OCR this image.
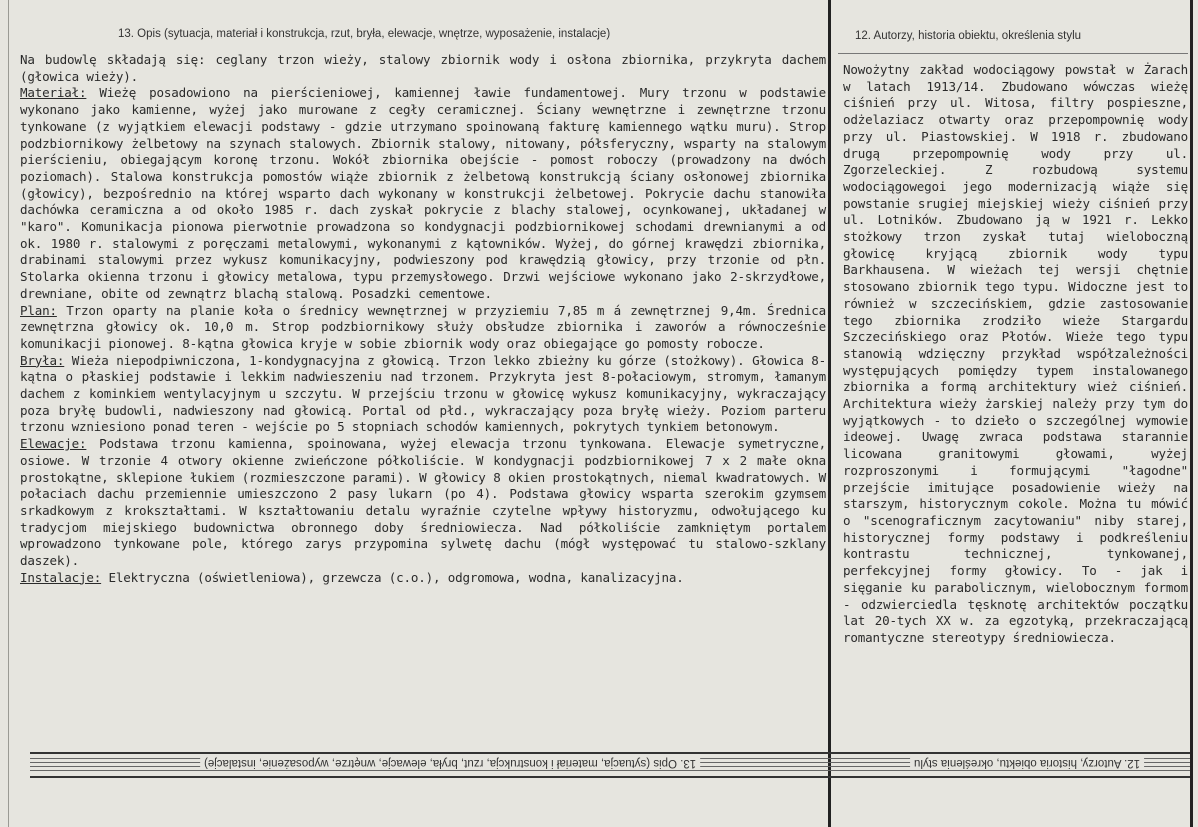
13. Opis (sytuacja, materiał i konstrukcja, rzut, bryła, elewacje, wnętrze, wyposażenie, instalacje)	12. Autorzy, historia obiektu, określenia stylu

Na budowlę składają się: ceglany trzon wieży, stalowy zbiornik wody i osłona zbiornika, przykryta dachem (głowica wieży).

Materiał: Wieżę posadowiono na pierścieniowej, kamiennej ławie fundamentowej. Mury trzonu w podstawie wykonano jako kamienne, wyżej jako murowane z cegły ceramicznej. Ściany wewnętrzne i zewnętrzne trzonu tynkowane (z wyjątkiem elewacji podstawy - gdzie utrzymano spoinowaną fakturę kamiennego wątku muru). Strop podzbiornikowy żelbetowy na szynach stalowych. Zbiornik stalowy, nitowany, półsferyczny, wsparty na stalowym pierścieniu, obiegającym koronę trzonu. Wokół zbiornika obejście - pomost roboczy (prowadzony na dwóch poziomach). Stalowa konstrukcja pomostów wiąże zbiornik z żelbetową konstrukcją ściany osłonowej zbiornika (głowicy), bezpośrednio na której wsparto dach wykonany w konstrukcji żelbetowej. Pokrycie dachu stanowiła dachówka ceramiczna a od około 1985 r. dach zyskał pokrycie z blachy stalowej, ocynkowanej, układanej w "karo". Komunikacja pionowa pierwotnie prowadzona so kondygnacji podzbiornikowej schodami drewnianymi a od ok. 1980 r. stalowymi z poręczami metalowymi, wykonanymi z kątowników. Wyżej, do górnej krawędzi zbiornika, drabinami stalowymi przez wykusz komunikacyjny, podwieszony pod krawędzią głowicy, przy trzonie od płn. Stolarka okienna trzonu i głowicy metalowa, typu przemysłowego. Drzwi wejściowe wykonano jako 2-skrzydłowe, drewniane, obite od zewnątrz blachą stalową. Posadzki cementowe.

Plan: Trzon oparty na planie koła o średnicy wewnętrznej w przyziemiu 7,85 m á zewnętrznej 9,4m. Średnica zewnętrzna głowicy ok. 10,0 m. Strop podzbiornikowy służy obsłudze zbiornika i zaworów a równocześnie komunikacji pionowej. 8-kątna głowica kryje w sobie zbiornik wody oraz obiegające go pomosty robocze.

Bryła: Wieża niepodpiwniczona, 1-kondygnacyjna z głowicą. Trzon lekko zbieżny ku górze (stożkowy). Głowica 8-kątna o płaskiej podstawie i lekkim nadwieszeniu nad trzonem. Przykryta jest 8-połaciowym, stromym, łamanym dachem z kominkiem wentylacyjnym u szczytu. W przejściu trzonu w głowicę wykusz komunikacyjny, wykraczający poza bryłę budowli, nadwieszony nad głowicą. Portal od płd., wykraczający poza bryłę wieży. Poziom parteru trzonu wzniesiono ponad teren - wejście po 5 stopniach schodów kamiennych, pokrytych tynkiem betonowym.

Elewacje: Podstawa trzonu kamienna, spoinowana, wyżej elewacja trzonu tynkowana. Elewacje symetryczne, osiowe. W trzonie 4 otwory okienne zwieńczone półkoliście. W kondygnacji podzbiornikowej 7 x 2 małe okna prostokątne, sklepione łukiem (rozmieszczone parami). W głowicy 8 okien prostokątnych, niemal kwadratowych. W połaciach dachu przemiennie umieszczono 2 pasy lukarn (po 4). Podstawa głowicy wsparta szerokim gzymsem srkadkowym z krokształtami. W kształtowaniu detalu wyraźnie czytelne wpływy historyzmu, odwołującego ku tradycjom miejskiego budownictwa obronnego doby średniowiecza. Nad półkoliście zamkniętym portalem wprowadzono tynkowane pole, którego zarys przypomina sylwetę dachu (mógł występować tu stalowo-szklany daszek).

Instalacje: Elektryczna (oświetleniowa), grzewcza (c.o.), odgromowa, wodna, kanalizacyjna.

Nowożytny zakład wodociągowy powstał w Żarach w latach 1913/14. Zbudowano wówczas wieżę ciśnień przy ul. Witosa, filtry pospieszne, odżelaziacz otwarty oraz przepompownię wody przy ul. Piastowskiej. W 1918 r. zbudowano drugą przepompownię wody przy ul. Zgorzeleckiej. Z rozbudową systemu wodociągowegoi jego modernizacją wiąże się powstanie srugiej miejskiej wieży ciśnień przy ul. Lotników. Zbudowano ją w 1921 r. Lekko stożkowy trzon zyskał tutaj wieloboczną głowicę kryjącą zbiornik wody typu Barkhausena. W wieżach tej wersji chętnie stosowano zbiornik tego typu. Widoczne jest to również w szczecińskiem, gdzie zastosowanie tego zbiornika zrodziło wieże Stargardu Szczecińskiego oraz Płotów. Wieże tego typu stanowią wdzięczny przykład współzależności występujących pomiędzy typem instalowanego zbiornika a formą architektury wież ciśnień. Architektura wieży żarskiej należy przy tym do wyjątkowych - to dzieło o szczególnej wymowie ideowej. Uwagę zwraca podstawa starannie licowana granitowymi głowami, wyżej rozproszonymi i formującymi "łagodne" przejście imitujące posadowienie wieży na starszym, historycznym cokole. Można tu mówić o "scenograficznym zacytowaniu" niby starej, historycznej formy podstawy i podkreśleniu kontrastu technicznej, tynkowanej, perfekcyjnej formy głowicy. To - jak i sięganie ku parabolicznym, wielobocznym formom - odzwierciedla tęsknotę architektów początku lat 20-tych XX w. za egzotyką, przekraczającą romantyczne stereotypy średniowiecza.

13. Opis (sytuacja, materiał i konstrukcja, rzut, bryła, elewacje, wnętrze, wyposażenie, instalacje)	12. Autorzy, historia obiektu, określenia stylu
